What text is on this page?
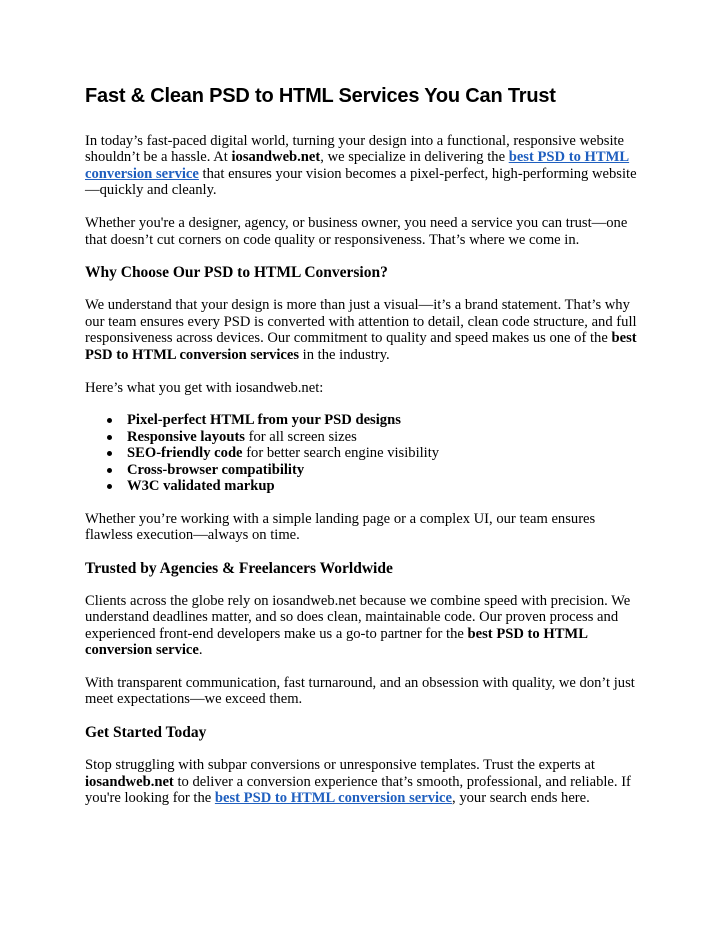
Fast & Clean PSD to HTML Services You Can Trust

In today’s fast-paced digital world, turning your design into a functional, responsive website shouldn’t be a hassle. At iosandweb.net, we specialize in delivering the best PSD to HTML conversion service that ensures your vision becomes a pixel-perfect, high-performing website—quickly and cleanly.

Whether you're a designer, agency, or business owner, you need a service you can trust—one that doesn’t cut corners on code quality or responsiveness. That’s where we come in.

Why Choose Our PSD to HTML Conversion?

We understand that your design is more than just a visual—it’s a brand statement. That’s why our team ensures every PSD is converted with attention to detail, clean code structure, and full responsiveness across devices. Our commitment to quality and speed makes us one of the best PSD to HTML conversion services in the industry.

Here’s what you get with iosandweb.net:

Pixel-perfect HTML from your PSD designs
Responsive layouts for all screen sizes
SEO-friendly code for better search engine visibility
Cross-browser compatibility
W3C validated markup

Whether you’re working with a simple landing page or a complex UI, our team ensures flawless execution—always on time.

Trusted by Agencies & Freelancers Worldwide

Clients across the globe rely on iosandweb.net because we combine speed with precision. We understand deadlines matter, and so does clean, maintainable code. Our proven process and experienced front-end developers make us a go-to partner for the best PSD to HTML conversion service.

With transparent communication, fast turnaround, and an obsession with quality, we don’t just meet expectations—we exceed them.

Get Started Today

Stop struggling with subpar conversions or unresponsive templates. Trust the experts at iosandweb.net to deliver a conversion experience that’s smooth, professional, and reliable. If you're looking for the best PSD to HTML conversion service, your search ends here.
